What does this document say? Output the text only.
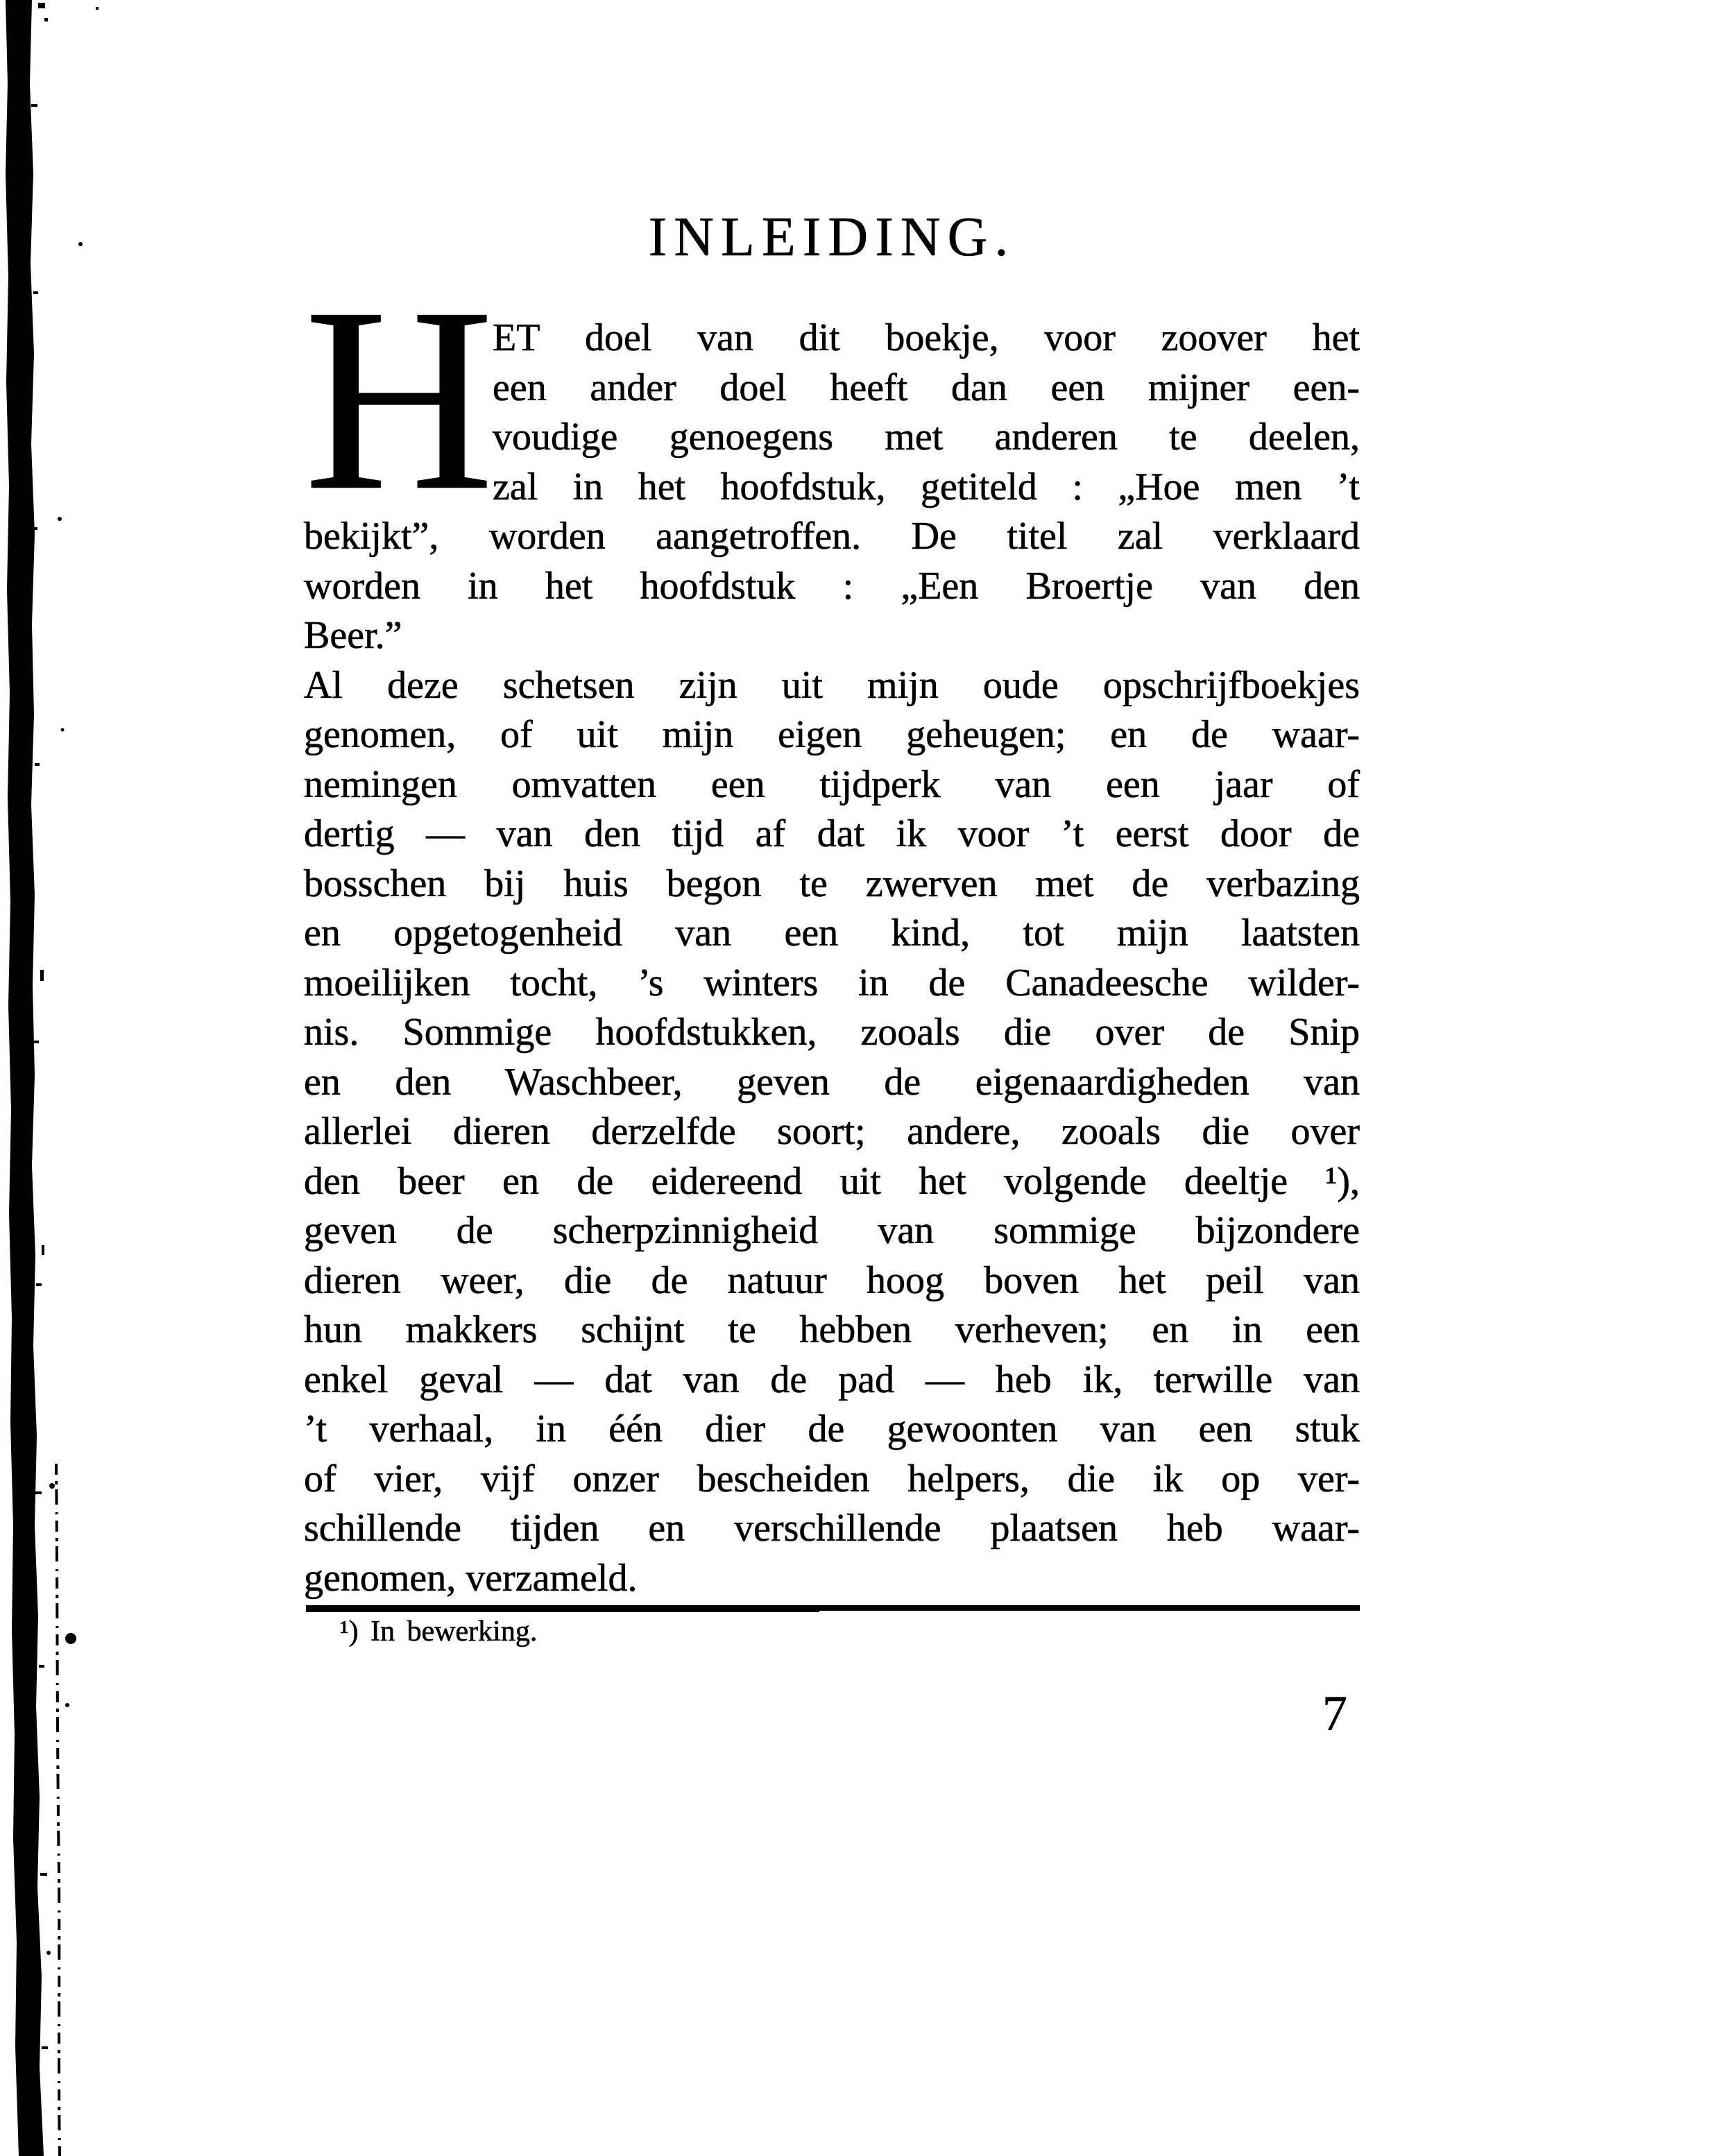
INLEIDING.
H
ET doel van dit boekje, voor zoover het
een ander doel heeft dan een mijner een-
voudige genoegens met anderen te deelen,
zal in het hoofdstuk, getiteld : „Hoe men ’t
bekijkt”, worden aangetroffen. De titel zal verklaard
worden in het hoofdstuk : „Een Broertje van den
Beer.”
Al deze schetsen zijn uit mijn oude opschrijfboekjes
genomen, of uit mijn eigen geheugen; en de waar-
nemingen omvatten een tijdperk van een jaar of
dertig — van den tijd af dat ik voor ’t eerst door de
bosschen bij huis begon te zwerven met de verbazing
en opgetogenheid van een kind, tot mijn laatsten
moeilijken tocht, ’s winters in de Canadeesche wilder-
nis. Sommige hoofdstukken, zooals die over de Snip
en den Waschbeer, geven de eigenaardigheden van
allerlei dieren derzelfde soort; andere, zooals die over
den beer en de eidereend uit het volgende deeltje ¹),
geven de scherpzinnigheid van sommige bijzondere
dieren weer, die de natuur hoog boven het peil van
hun makkers schijnt te hebben verheven; en in een
enkel geval — dat van de pad — heb ik, terwille van
’t verhaal, in één dier de gewoonten van een stuk
of vier, vijf onzer bescheiden helpers, die ik op ver-
schillende tijden en verschillende plaatsen heb waar-
genomen, verzameld.
¹) In bewerking.
7
